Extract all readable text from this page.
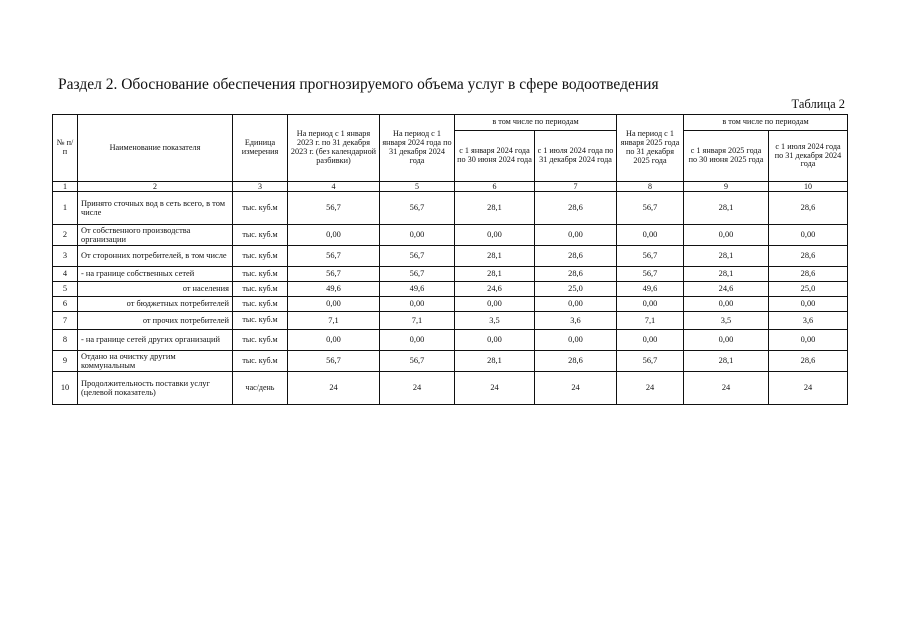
Раздел 2. Обоснование обеспечения прогнозируемого объема услуг в сфере водоотведения
Таблица 2
№ п/п	Наименование показателя	Единица измерения	На период с 1 января 2023 г. по 31 декабря 2023 г. (без календарной разбивки)	На период с 1 января 2024 года по 31 декабря 2024 года	в том числе по периодам		На период с 1 января 2025 года по 31 декабря 2025 года	в том числе по периодам	
					с 1 января 2024 года по 30 июня 2024 года	с 1 июля 2024 года по 31 декабря 2024 года		с 1 января 2025 года по 30 июня 2025 года	с 1 июля 2024 года по 31 декабря 2024 года
1	2	3	4	5	6	7	8	9	10
1	Принято сточных вод в сеть всего, в том числе	тыс. куб.м	56,7	56,7	28,1	28,6	56,7	28,1	28,6
2	От собственного производства организации	тыс. куб.м	0,00	0,00	0,00	0,00	0,00	0,00	0,00
3	От сторонних потребителей, в том числе	тыс. куб.м	56,7	56,7	28,1	28,6	56,7	28,1	28,6
4	- на границе собственных сетей	тыс. куб.м	56,7	56,7	28,1	28,6	56,7	28,1	28,6
5	от населения	тыс. куб.м	49,6	49,6	24,6	25,0	49,6	24,6	25,0
6	от бюджетных потребителей	тыс. куб.м	0,00	0,00	0,00	0,00	0,00	0,00	0,00
7	от прочих потребителей	тыс. куб.м	7,1	7,1	3,5	3,6	7,1	3,5	3,6
8	- на границе сетей других организаций	тыс. куб.м	0,00	0,00	0,00	0,00	0,00	0,00	0,00
9	Отдано на очистку другим коммунальным	тыс. куб.м	56,7	56,7	28,1	28,6	56,7	28,1	28,6
10	Продолжительность поставки услуг (целевой показатель)	час/день	24	24	24	24	24	24	24
